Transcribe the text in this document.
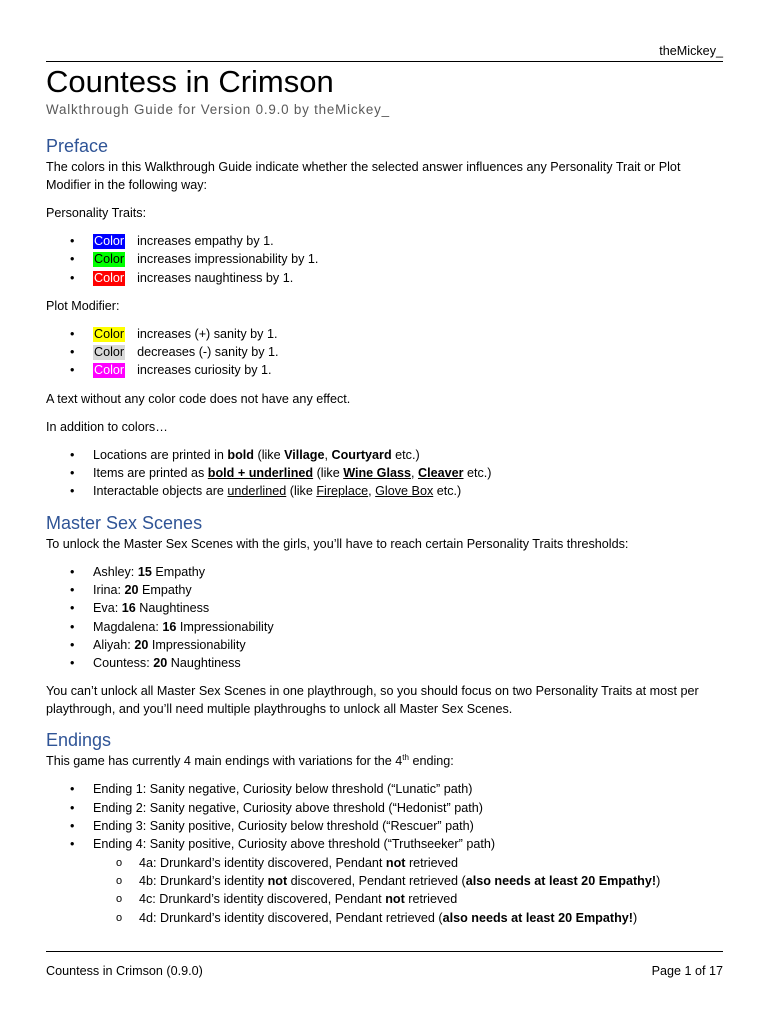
theMickey_
Countess in Crimson
Walkthrough Guide for Version 0.9.0 by theMickey_
Preface

The colors in this Walkthrough Guide indicate whether the selected answer influences any Personality Trait or Plot Modifier in the following way:

Personality Traits:

• Color increases empathy by 1.
• Color increases impressionability by 1.
• Color increases naughtiness by 1.

Plot Modifier:

• Color increases (+) sanity by 1.
• Color decreases (-) sanity by 1.
• Color increases curiosity by 1.

A text without any color code does not have any effect.

In addition to colors…

• Locations are printed in bold (like Village, Courtyard etc.)
• Items are printed as bold + underlined (like Wine Glass, Cleaver etc.)
• Interactable objects are underlined (like Fireplace, Glove Box etc.)
Master Sex Scenes

To unlock the Master Sex Scenes with the girls, you’ll have to reach certain Personality Traits thresholds:

• Ashley: 15 Empathy
• Irina: 20 Empathy
• Eva: 16 Naughtiness
• Magdalena: 16 Impressionability
• Aliyah: 20 Impressionability
• Countess: 20 Naughtiness

You can’t unlock all Master Sex Scenes in one playthrough, so you should focus on two Personality Traits at most per playthrough, and you’ll need multiple playthroughs to unlock all Master Sex Scenes.

Endings

This game has currently 4 main endings with variations for the 4th ending:

• Ending 1: Sanity negative, Curiosity below threshold (“Lunatic” path)
• Ending 2: Sanity negative, Curiosity above threshold (“Hedonist” path)
• Ending 3: Sanity positive, Curiosity below threshold (“Rescuer” path)
• Ending 4: Sanity positive, Curiosity above threshold (“Truthseeker” path)
o 4a: Drunkard’s identity discovered, Pendant not retrieved
o 4b: Drunkard’s identity not discovered, Pendant retrieved (also needs at least 20 Empathy!)
o 4c: Drunkard’s identity discovered, Pendant not retrieved
o 4d: Drunkard’s identity discovered, Pendant retrieved (also needs at least 20 Empathy!)
Countess in Crimson (0.9.0)	Page 1 of 17
